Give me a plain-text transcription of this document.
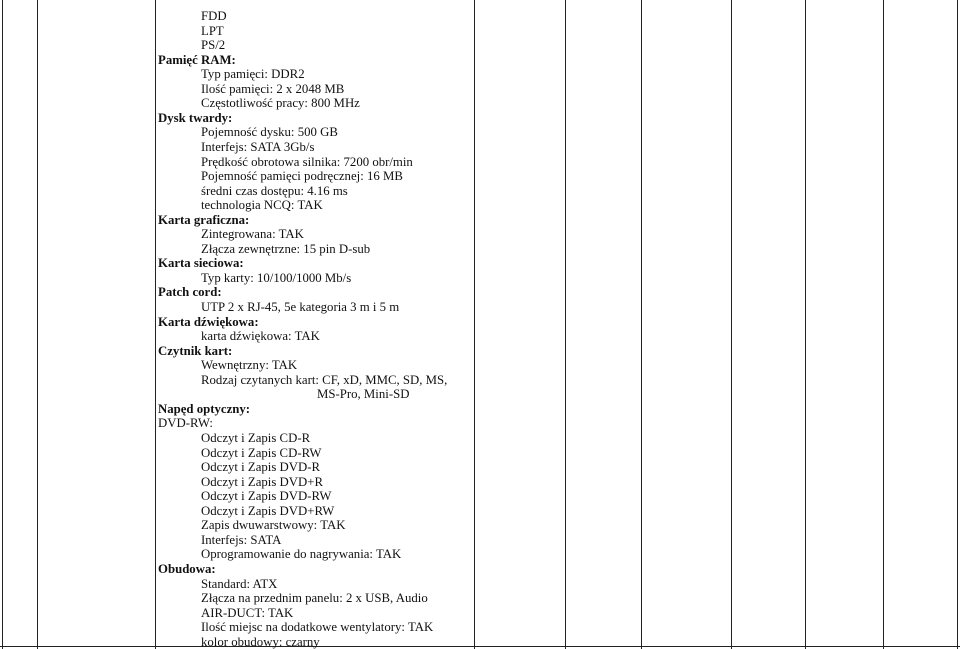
FDD
LPT
PS/2
Pamięć RAM:
Typ pamięci: DDR2
Ilość pamięci: 2 x 2048 MB
Częstotliwość pracy: 800 MHz
Dysk twardy:
Pojemność dysku: 500 GB
Interfejs: SATA 3Gb/s
Prędkość obrotowa silnika: 7200 obr/min
Pojemność pamięci podręcznej: 16 MB
średni czas dostępu: 4.16 ms
technologia NCQ: TAK
Karta graficzna:
Zintegrowana: TAK
Złącza zewnętrzne: 15 pin D-sub
Karta sieciowa:
Typ karty: 10/100/1000 Mb/s
Patch cord:
UTP 2 x RJ-45, 5e kategoria 3 m i 5 m
Karta dźwiękowa:
karta dźwiękowa: TAK
Czytnik kart:
Wewnętrzny: TAK
Rodzaj czytanych kart: CF, xD, MMC, SD, MS,
MS-Pro, Mini-SD
Napęd optyczny:
DVD-RW:
Odczyt i Zapis CD-R
Odczyt i Zapis CD-RW
Odczyt i Zapis DVD-R
Odczyt i Zapis DVD+R
Odczyt i Zapis DVD-RW
Odczyt i Zapis DVD+RW
Zapis dwuwarstwowy: TAK
Interfejs: SATA
Oprogramowanie do nagrywania: TAK
Obudowa:
Standard: ATX
Złącza na przednim panelu: 2 x USB, Audio
AIR-DUCT: TAK
Ilość miejsc na dodatkowe wentylatory: TAK
kolor obudowy: czarny
